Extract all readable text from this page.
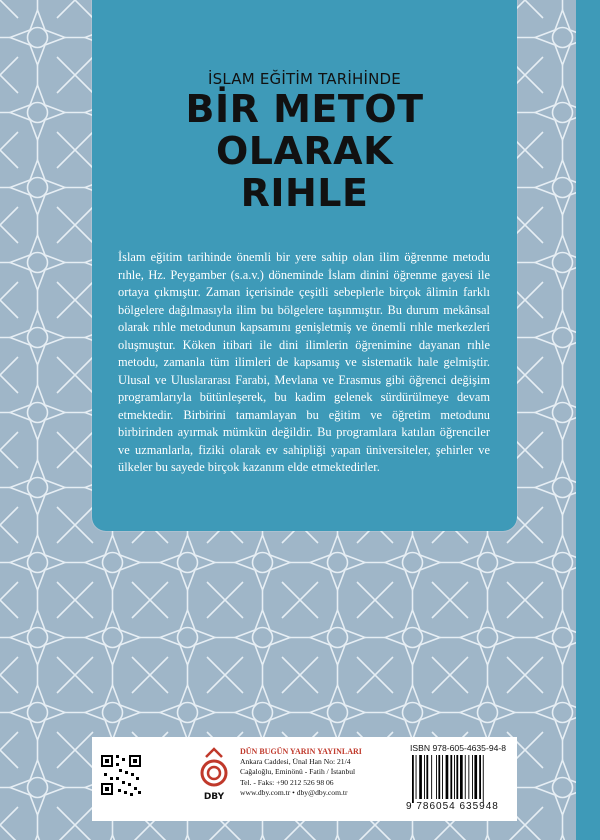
İSLAM EĞİTİM TARİHİNDE
BİR METOT
OLARAK
RIHLE
İslam eğitim tarihinde önemli bir yere sahip olan ilim öğrenme metodu rıhle, Hz. Peygamber (s.a.v.) döneminde İslam dinini öğrenme gayesi ile ortaya çıkmıştır. Zaman içerisinde çeşitli sebeplerle birçok âlimin farklı bölgelere dağılmasıyla ilim bu bölgelere taşınmıştır. Bu durum mekânsal olarak rıhle metodunun kapsamını genişletmiş ve önemli rıhle merkezleri oluşmuştur. Köken itibari ile dini ilimlerin öğrenimine dayanan rıhle metodu, zamanla tüm ilimleri de kapsamış ve sistematik hale gelmiştir. Ulusal ve Uluslararası Farabi, Mevlana ve Erasmus gibi öğrenci değişim programlarıyla bütünleşerek, bu kadim gelenek sürdürülmeye devam etmektedir. Birbirini tamamlayan bu eğitim ve öğretim metodunu birbirinden ayırmak mümkün değildir. Bu programlara katılan öğrenciler ve uzmanlarla, fiziki olarak ev sahipliği yapan üniversiteler, şehirler ve ülkeler bu sayede birçok kazanım elde etmektedirler.
DBY
DÜN BUGÜN YARIN YAYINLARI
Ankara Caddesi, Ünal Han No: 21/4
Cağaloğlu, Eminönü - Fatih / İstanbul
Tel. - Faks: +90 212 526 98 06
www.dby.com.tr • dby@dby.com.tr
ISBN 978-605-4635-94-8
9 786054 635948
